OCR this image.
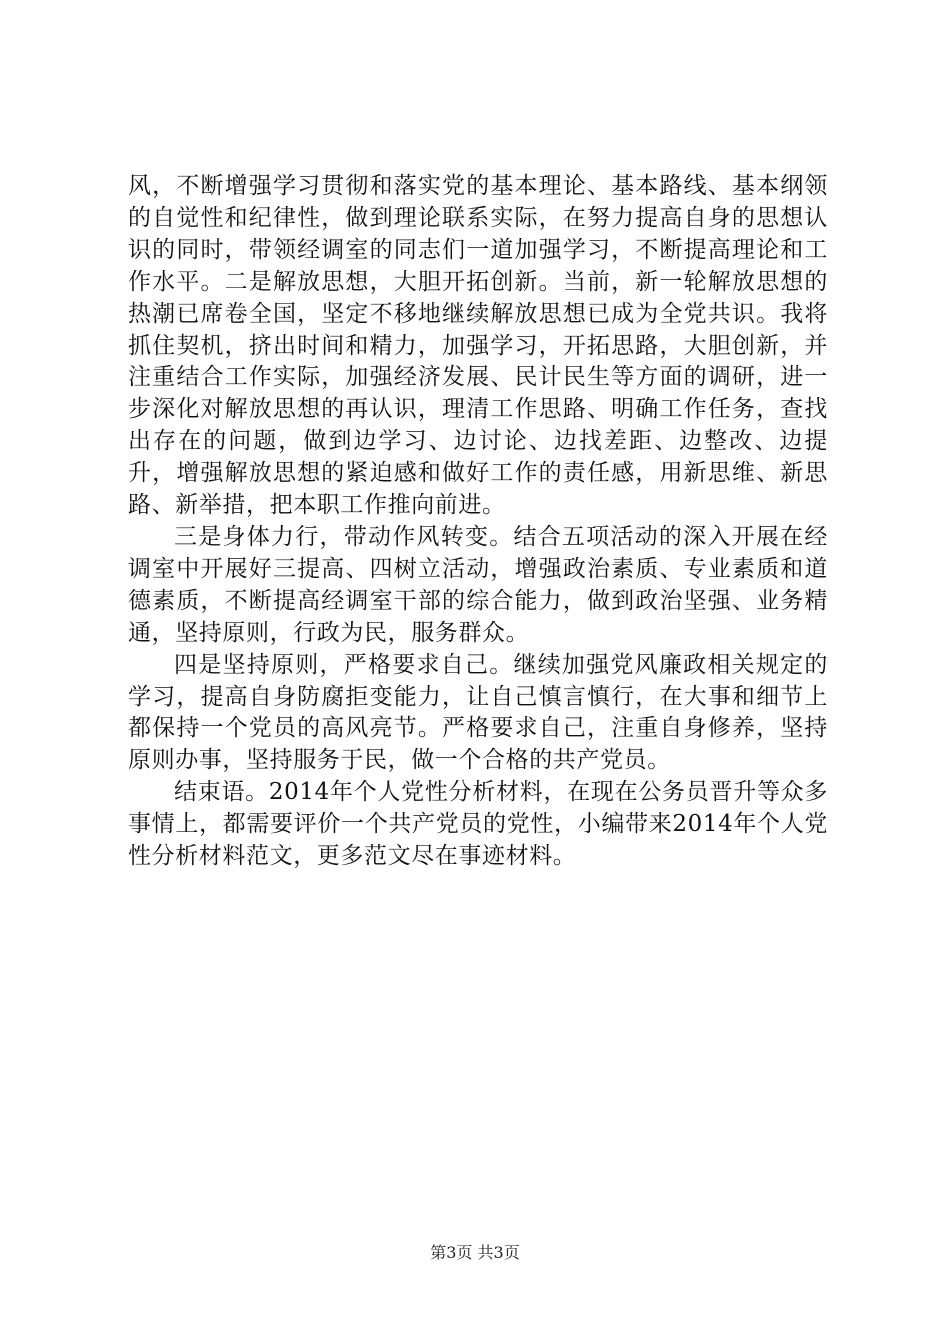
风，不断增强学习贯彻和落实党的基本理论、基本路线、基本纲领的自觉性和纪律性，做到理论联系实际，在努力提高自身的思想认识的同时，带领经调室的同志们一道加强学习，不断提高理论和工作水平。二是解放思想，大胆开拓创新。当前，新一轮解放思想的热潮已席卷全国，坚定不移地继续解放思想已成为全党共识。我将抓住契机，挤出时间和精力，加强学习，开拓思路，大胆创新，并注重结合工作实际，加强经济发展、民计民生等方面的调研，进一步深化对解放思想的再认识，理清工作思路、明确工作任务，查找出存在的问题，做到边学习、边讨论、边找差距、边整改、边提升，增强解放思想的紧迫感和做好工作的责任感，用新思维、新思路、新举措，把本职工作推向前进。

三是身体力行，带动作风转变。结合五项活动的深入开展在经调室中开展好三提高、四树立活动，增强政治素质、专业素质和道德素质，不断提高经调室干部的综合能力，做到政治坚强、业务精通，坚持原则，行政为民，服务群众。

四是坚持原则，严格要求自己。继续加强党风廉政相关规定的学习，提高自身防腐拒变能力，让自己慎言慎行，在大事和细节上都保持一个党员的高风亮节。严格要求自己，注重自身修养，坚持原则办事，坚持服务于民，做一个合格的共产党员。

结束语。2014年个人党性分析材料，在现在公务员晋升等众多事情上，都需要评价一个共产党员的党性，小编带来2014年个人党性分析材料范文，更多范文尽在事迹材料。

第3页 共3页
